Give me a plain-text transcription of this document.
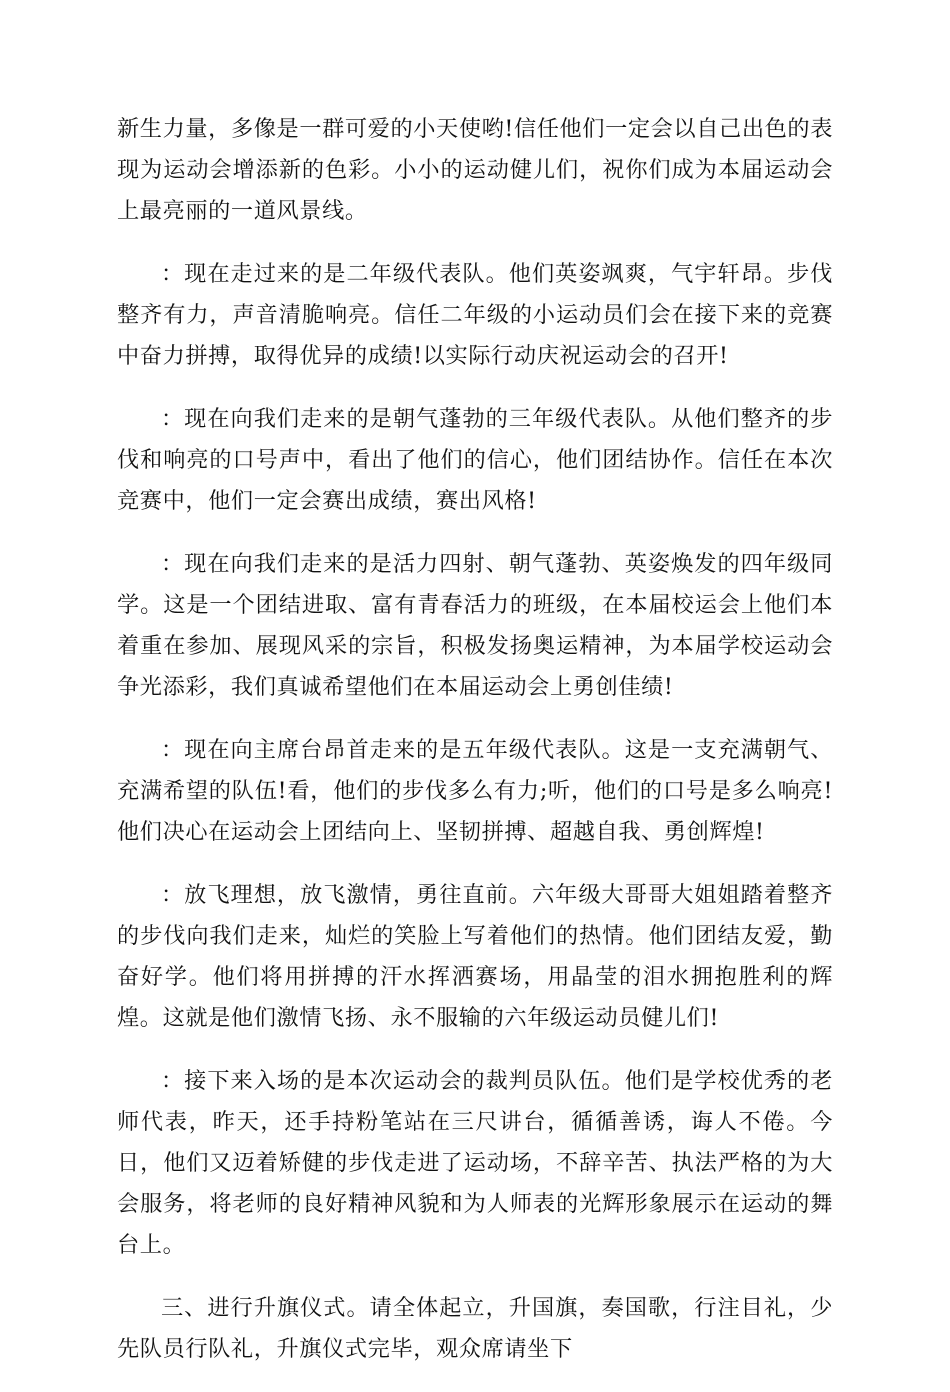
新生力量，多像是一群可爱的小天使哟!信任他们一定会以自己出色的表现为运动会增添新的色彩。小小的运动健儿们，祝你们成为本届运动会上最亮丽的一道风景线。

：现在走过来的是二年级代表队。他们英姿飒爽，气宇轩昂。步伐整齐有力，声音清脆响亮。信任二年级的小运动员们会在接下来的竞赛中奋力拼搏，取得优异的成绩!以实际行动庆祝运动会的召开!

：现在向我们走来的是朝气蓬勃的三年级代表队。从他们整齐的步伐和响亮的口号声中，看出了他们的信心，他们团结协作。信任在本次竞赛中，他们一定会赛出成绩，赛出风格!

：现在向我们走来的是活力四射、朝气蓬勃、英姿焕发的四年级同学。这是一个团结进取、富有青春活力的班级，在本届校运会上他们本着重在参加、展现风采的宗旨，积极发扬奥运精神，为本届学校运动会争光添彩，我们真诚希望他们在本届运动会上勇创佳绩!

：现在向主席台昂首走来的是五年级代表队。这是一支充满朝气、充满希望的队伍!看，他们的步伐多么有力;听，他们的口号是多么响亮!他们决心在运动会上团结向上、坚韧拼搏、超越自我、勇创辉煌!

：放飞理想，放飞激情，勇往直前。六年级大哥哥大姐姐踏着整齐的步伐向我们走来，灿烂的笑脸上写着他们的热情。他们团结友爱，勤奋好学。他们将用拼搏的汗水挥洒赛场，用晶莹的泪水拥抱胜利的辉煌。这就是他们激情飞扬、永不服输的六年级运动员健儿们!

：接下来入场的是本次运动会的裁判员队伍。他们是学校优秀的老师代表，昨天，还手持粉笔站在三尺讲台，循循善诱，诲人不倦。今日，他们又迈着矫健的步伐走进了运动场，不辞辛苦、执法严格的为大会服务，将老师的良好精神风貌和为人师表的光辉形象展示在运动的舞台上。

三、进行升旗仪式。请全体起立，升国旗，奏国歌，行注目礼，少先队员行队礼，升旗仪式完毕，观众席请坐下
